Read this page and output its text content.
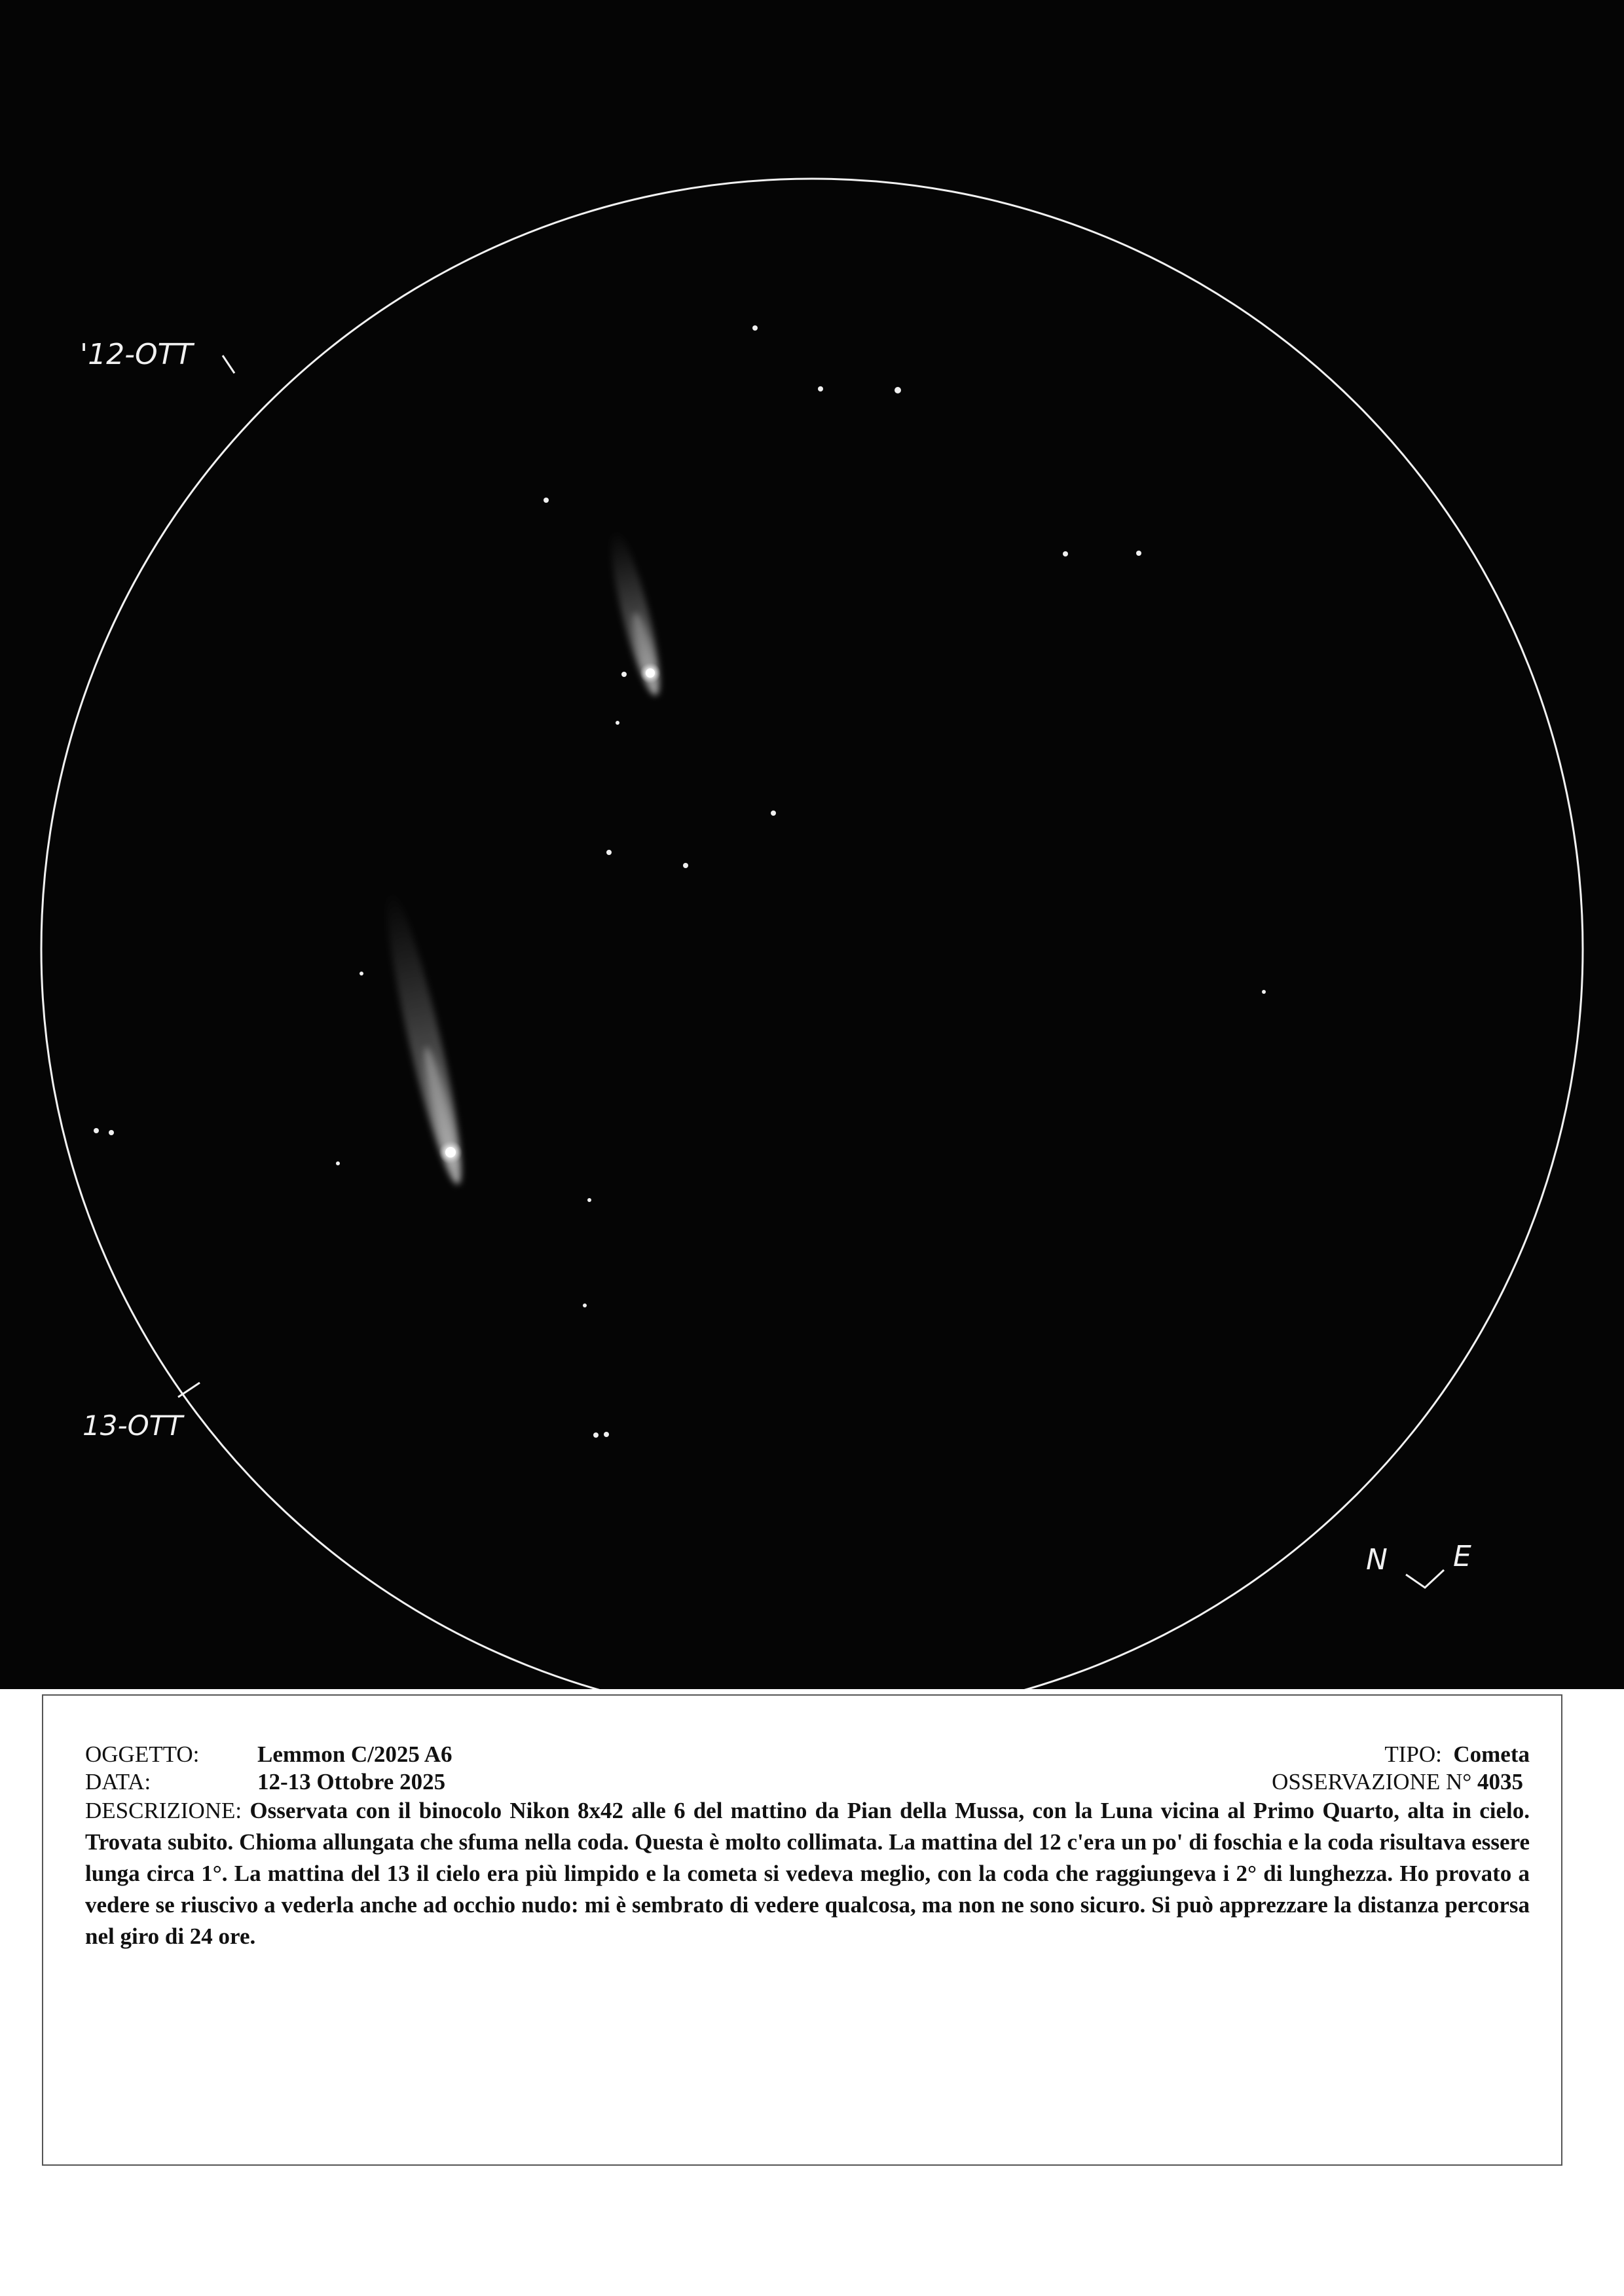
'12-OTT
13-OTT
N E
OGGETTO:	Lemmon C/2025 A6	TIPO: Cometa
DATA:	12-13 Ottobre 2025	OSSERVAZIONE N° 4035
DESCRIZIONE: Osservata con il binocolo Nikon 8x42 alle 6 del mattino da Pian della Mussa, con la Luna vicina al Primo Quarto, alta in cielo. Trovata subito. Chioma allungata che sfuma nella coda. Questa è molto collimata. La mattina del 12 c'era un po' di foschia e la coda risultava essere lunga circa 1°. La mattina del 13 il cielo era più limpido e la cometa si vedeva meglio, con la coda che raggiungeva i 2° di lunghezza. Ho provato a vedere se riuscivo a vederla anche ad occhio nudo: mi è sembrato di vedere qualcosa, ma non ne sono sicuro. Si può apprezzare la distanza percorsa nel giro di 24 ore.
